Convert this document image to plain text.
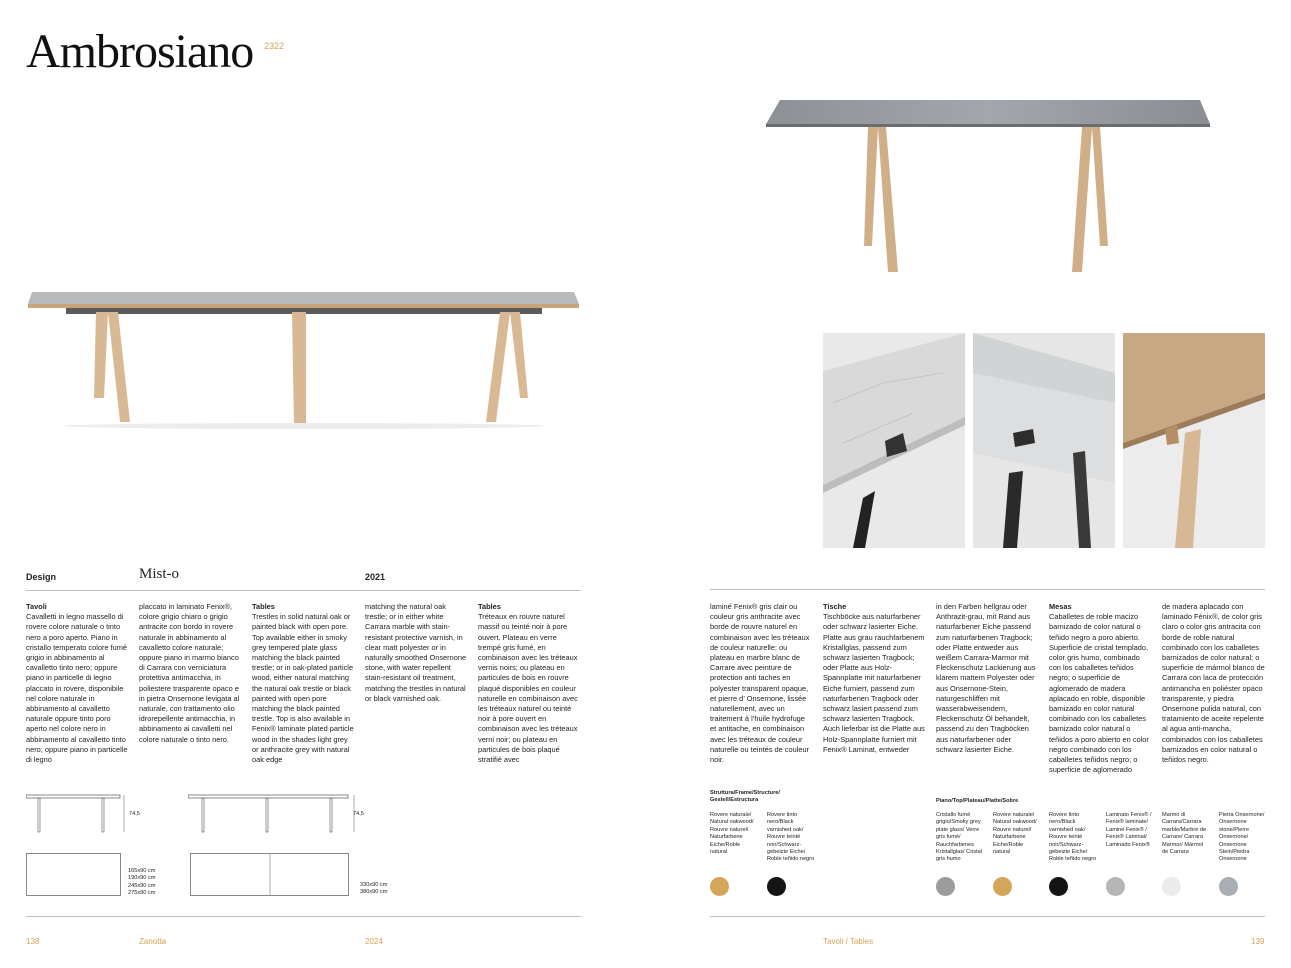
Ambrosiano 2322
Design	Mist-o	2021
Tavoli
Cavalletti in legno massello di rovere colore naturale o tinto nero a poro aperto. Piano in cristallo temperato colore fumé grigio in abbinamento al cavalletto tinto nero; oppure piano in particelle di legno placcato in rovere, disponibile nel colore naturale in abbinamento al cavalletto naturale oppure tinto poro aperto nel colore nero in abbinamento al cavalletto tinto nero; oppure piano in particelle di legno
placcato in laminato Fenix®, colore grigio chiaro o grigio antracite con bordo in rovere naturale in abbinamento al cavalletto colore naturale; oppure piano in marmo bianco di Carrara con verniciatura protettiva antimacchia, in poliestere trasparente opaco e in pietra Onsernone levigata al naturale, con trattamento olio idrorepellente antimacchia, in abbinamento ai cavalletti nel colore naturale o tinto nero.
Tables
Trestles in solid natural oak or painted black with open pore. Top available either in smoky grey tempered plate glass matching the black painted trestle; or in oak-plated particle wood, either natural matching the natural oak trestle or black painted with open pore matching the black painted trestle. Top is also available in Fenix® laminate plated particle wood in the shades light grey or anthracite grey with natural oak edge
matching the natural oak trestle; or in either white Carrara marble with stain-resistant protective varnish, in clear matt polyester or in naturally smoothed Onsernone stone, with water repellent stain-resistant oil treatment, matching the trestles in natural or black varnished oak.
Tables
Tréteaux en rouvre naturel massif ou teinté noir à pore ouvert. Plateau en verre trempé gris fumé, en combinaison avec les tréteaux vernis noirs; ou plateau en particules de bois en rouvre plaqué disponibles en couleur naturelle en combinaison avec les tréteaux naturel ou teinté noir à pore ouvert en combinaison avec les tréteaux verni noir; ou plateau en particules de bois plaqué stratifié avec
74,5
165x90 cm
190x90 cm
245x90 cm
275x90 cm
74,5
330x90 cm
380x90 cm
138	Zanotta	2024
laminé Fenix® gris clair ou couleur gris anthracite avec borde de rouvre naturel en combinaison avec les tréteaux de couleur naturelle; ou plateau en marbre blanc de Carrare avec peinture de protection anti taches en polyester transparent opaque, et pierre d’ Onsernone, lissée naturellement, avec un traitement à l’huile hydrofuge et antitache, en combinaison avec les tréteaux de couleur naturelle ou teintés de couleur noir.
Tische
Tischböcke aus naturfarbener oder schwarz lasierter Eiche. Platte aus grau rauchfarbenem Kristallglas, passend zum schwarz lasierten Tragbock; oder Platte aus Holz-Spannplatte mit naturfarbener Eiche furniert, passend zum naturfarbenen Tragbock oder schwarz lasiert passend zum schwarz lasierten Tragbock. Auch lieferbar ist die Platte aus Holz-Spannplatte furniert mit Fenix® Laminat, entweder
in den Farben hellgrau oder Anthrazit-grau, mit Rand aus naturfarbener Eiche passend zum naturfarbenen Tragbock; oder Platte entweder aus weißem Carrara-Marmor mit Fleckenschutz Lackierung aus klarem mattem Polyester oder aus Onsernone-Stein, naturgeschliffen mit wasserabweisendem, Fleckenschutz Öl behandelt, passend zu den Tragböcken aus naturfarbener oder schwarz lasierter Eiche.
Mesas
Caballetes de roble macizo barnizado de color natural o teñido negro a poro abierto. Superficie de cristal templado, color gris humo, combinado con los caballetes teñidos negro; o superficie de aglomerado de madera aplacado en roble, disponible barnizado en color natural combinado con los caballetes barnizado color natural o teñidos a poro abierto en color negro combinado con los caballetes teñidos negro; o superficie de aglomerado
de madera aplacado con laminado Fénix®, de color gris claro o color gris antracita con borde de roble natural combinado con los caballetes barnizados de color natural; o superficie de mármol blanco de Carrara con laca de protección antimancha en poliéster opaco transparente, y piedra Onsernone pulida natural, con tratamiento de aceite repelente al agua anti-mancha, combinados con los caballetes barnizados en color natural o teñidos negro.
Struttura/Frame/Structure/ Gestell/Estructura	Piano/Top/Plateau/Platte/Sobre
Rovere naturale/ Natural oakwood/ Rouvre naturel/ Naturfarbene Eiche/Roble natural
Rovere tinto nero/Black varnished oak/ Rouvre teinté noir/Schwarz-gebeizte Eiche/ Roble teñido negro
Cristallo fumé grigio/Smoky grey plate glass/ Verre gris fumé/ Rauchfarbenes Kristallglas/ Cristal gris humo
Rovere naturale/ Natural oakwood/ Rouvre naturel/ Naturfarbene Eiche/Roble natural
Rovere tinto nero/Black varnished oak/ Rouvre teinté noir/Schwarz-gebeizte Eiche/ Roble teñido negro
Laminato Fenix® / Fenix® laminate/ Laminé Fenix® / Fenix® Laminat/ Laminado Fenix®
Marmo di Carrara/Carrara marble/Marbre de Carrare/ Carrara Marmor/ Mármol de Carrara
Pietra Onsernone/ Onsernone stone/Pierre Onsernone/ Onsernone Stein/Piedra Onsernone
Tavoli / Tables	139
